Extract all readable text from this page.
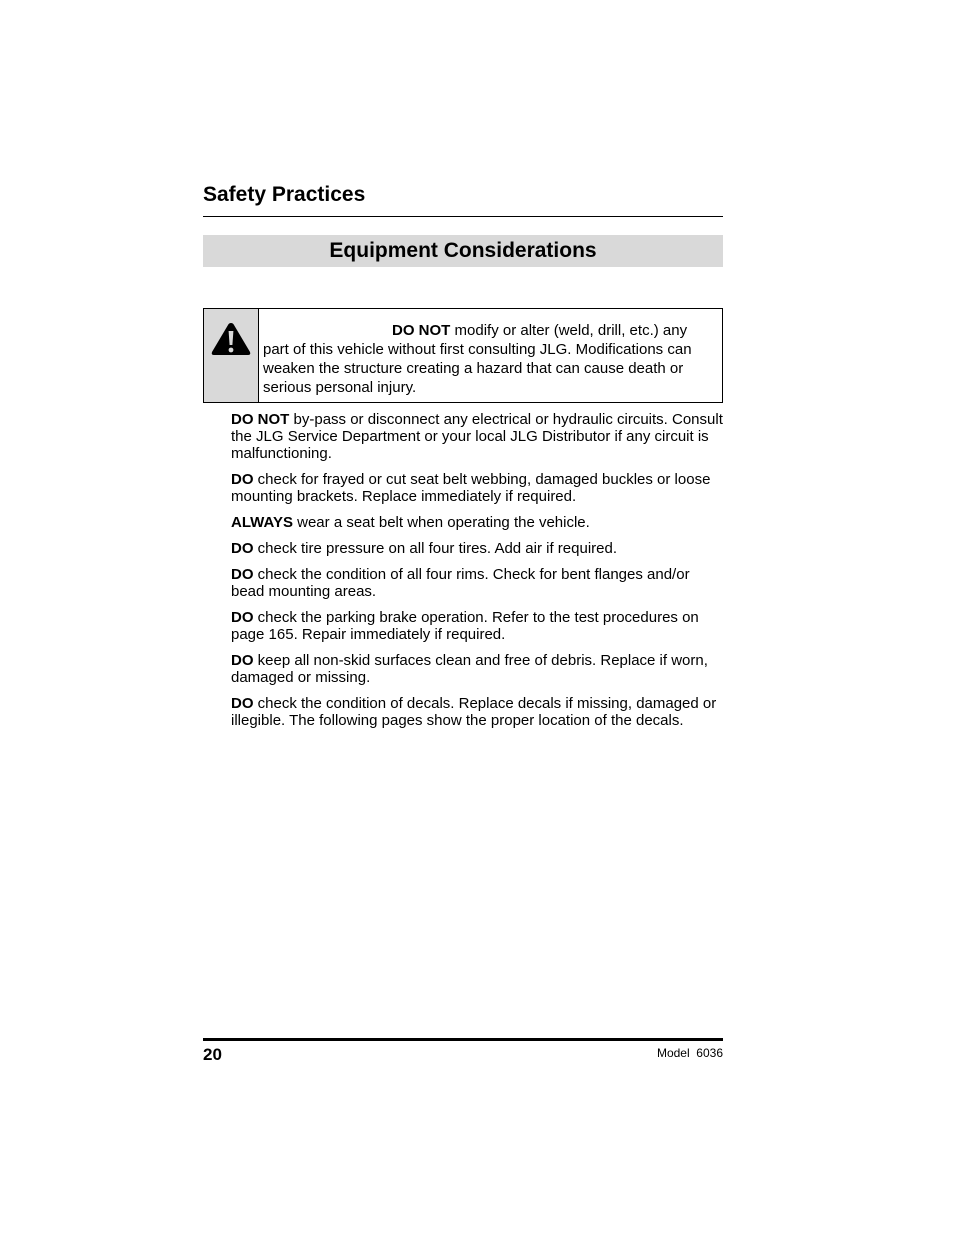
Safety Practices
Equipment Considerations
DO NOT modify or alter (weld, drill, etc.) any part of this vehicle without first consulting JLG. Modifications can weaken the structure creating a hazard that can cause death or serious personal injury.
DO NOT by-pass or disconnect any electrical or hydraulic circuits. Consult the JLG Service Department or your local JLG Distributor if any circuit is malfunctioning.
DO check for frayed or cut seat belt webbing, damaged buckles or loose mounting brackets. Replace immediately if required.
ALWAYS wear a seat belt when operating the vehicle.
DO check tire pressure on all four tires. Add air if required.
DO check the condition of all four rims. Check for bent flanges and/or bead mounting areas.
DO check the parking brake operation. Refer to the test procedures on page 165. Repair immediately if required.
DO keep all non-skid surfaces clean and free of debris. Replace if worn, damaged or missing.
DO check the condition of decals. Replace decals if missing, damaged or illegible. The following pages show the proper location of the decals.
20	Model  6036
